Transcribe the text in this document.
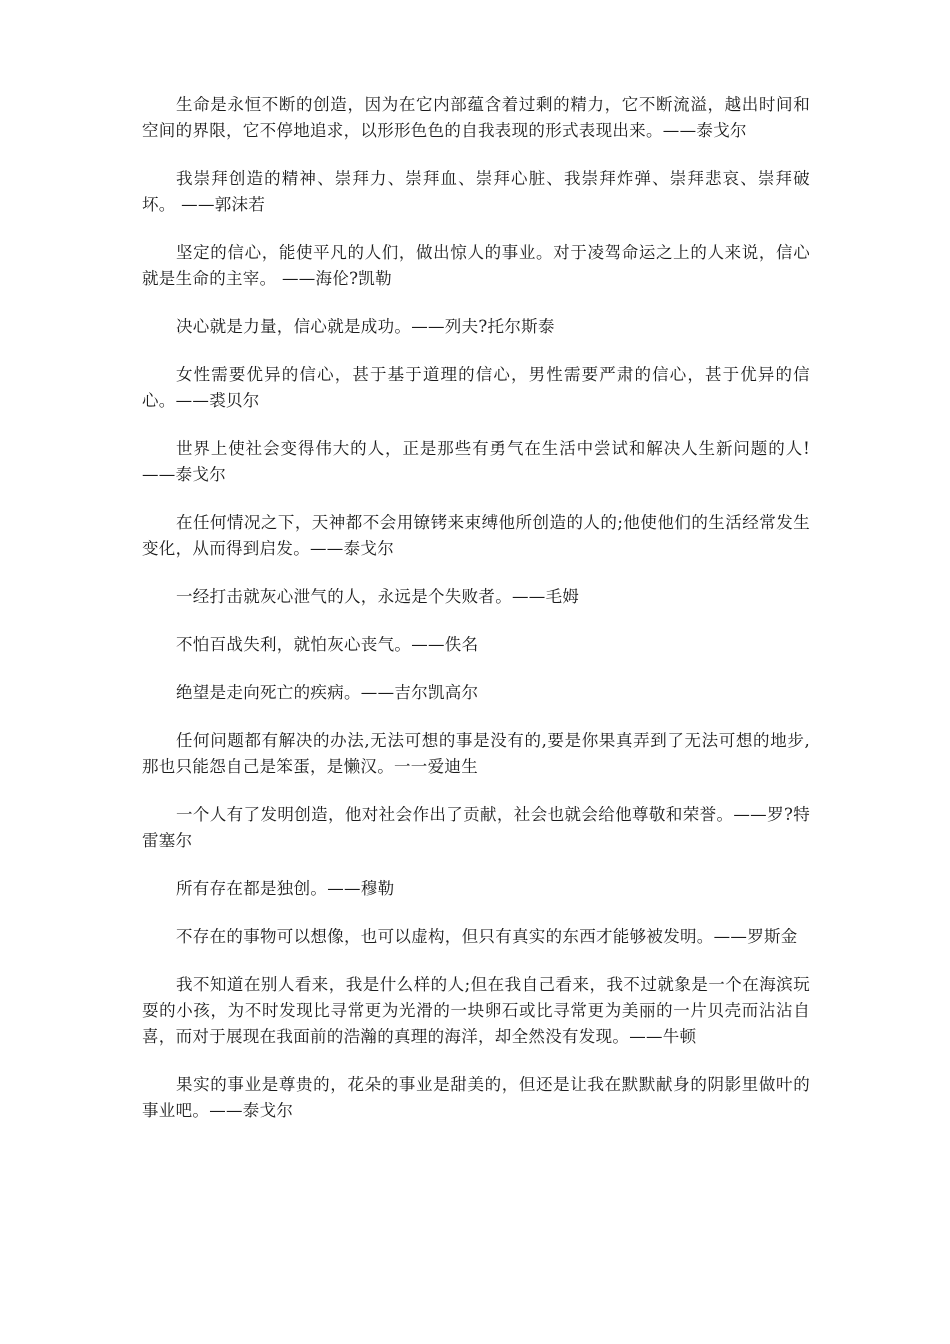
生命是永恒不断的创造，因为在它内部蕴含着过剩的精力，它不断流溢，越出时间和空间的界限，它不停地追求，以形形色色的自我表现的形式表现出来。——泰戈尔

我崇拜创造的精神、崇拜力、崇拜血、崇拜心脏、我崇拜炸弹、崇拜悲哀、崇拜破坏。 ——郭沫若

坚定的信心，能使平凡的人们，做出惊人的事业。对于凌驾命运之上的人来说，信心就是生命的主宰。 ——海伦?凯勒

决心就是力量，信心就是成功。——列夫?托尔斯泰

女性需要优异的信心，甚于基于道理的信心，男性需要严肃的信心，甚于优异的信心。——裘贝尔

世界上使社会变得伟大的人，正是那些有勇气在生活中尝试和解决人生新问题的人!——泰戈尔

在任何情况之下，天神都不会用镣铐来束缚他所创造的人的;他使他们的生活经常发生变化，从而得到启发。——泰戈尔

一经打击就灰心泄气的人，永远是个失败者。——毛姆

不怕百战失利，就怕灰心丧气。——佚名

绝望是走向死亡的疾病。——吉尔凯高尔

任何问题都有解决的办法,无法可想的事是没有的,要是你果真弄到了无法可想的地步,那也只能怨自己是笨蛋，是懒汉。一一爱迪生

一个人有了发明创造，他对社会作出了贡献，社会也就会给他尊敬和荣誉。——罗?特雷塞尔

所有存在都是独创。——穆勒

不存在的事物可以想像，也可以虚构，但只有真实的东西才能够被发明。——罗斯金

我不知道在别人看来，我是什么样的人;但在我自己看来，我不过就象是一个在海滨玩耍的小孩，为不时发现比寻常更为光滑的一块卵石或比寻常更为美丽的一片贝壳而沾沾自喜，而对于展现在我面前的浩瀚的真理的海洋，却全然没有发现。——牛顿

果实的事业是尊贵的，花朵的事业是甜美的，但还是让我在默默献身的阴影里做叶的事业吧。——泰戈尔
